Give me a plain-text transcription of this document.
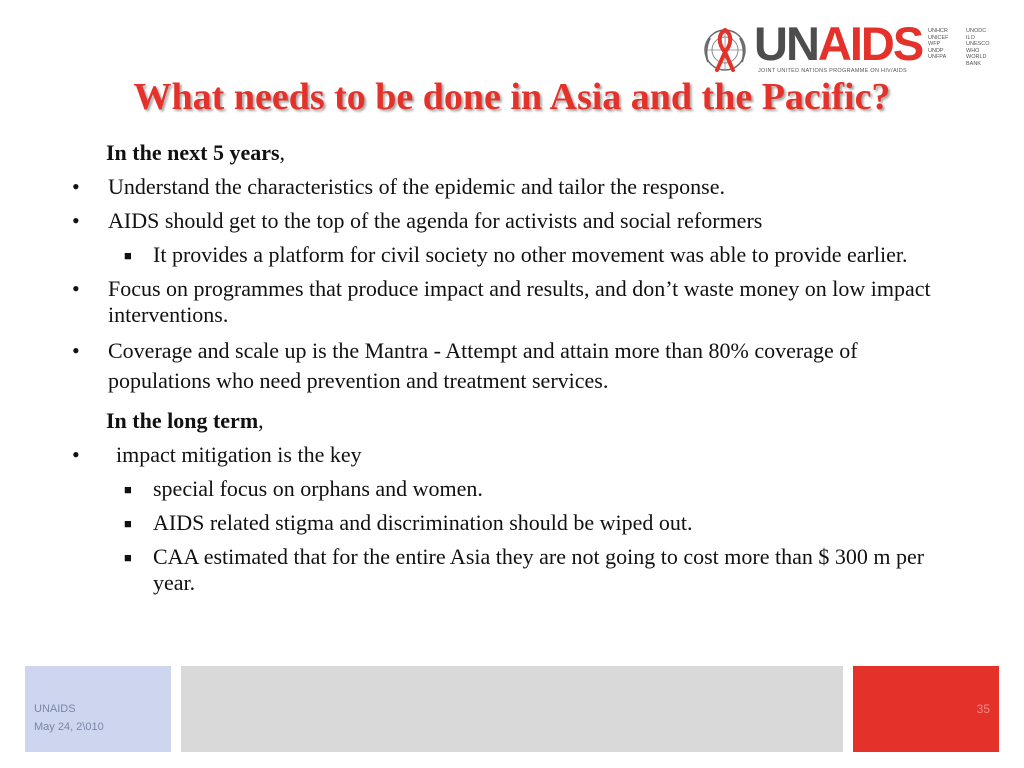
UNAIDS
JOINT UNITED NATIONS PROGRAMME ON HIV/AIDS
UNHCR	UNODC
UNICEF	ILO
WFP	UNESCO
UNDP	WHO
UNFPA	WORLD BANK
What needs to be done in Asia and the Pacific?
In the next 5 years,
• Understand the characteristics of the epidemic and tailor the response.
• AIDS should get to the top of the agenda for activists and social reformers
■ It provides a platform for civil society no other movement was able to provide earlier.
• Focus on programmes that produce impact and results, and don’t waste money on low impact interventions.
• Coverage and scale up is the Mantra - Attempt and attain more than 80% coverage of populations who need prevention and treatment services.
In the long term,
• impact mitigation is the key
■ special focus on orphans and women.
■ AIDS related stigma and discrimination should be wiped out.
■ CAA estimated that for the entire Asia they are not going to cost more than $ 300 m per year.
UNAIDS
May 24, 2\010
35
